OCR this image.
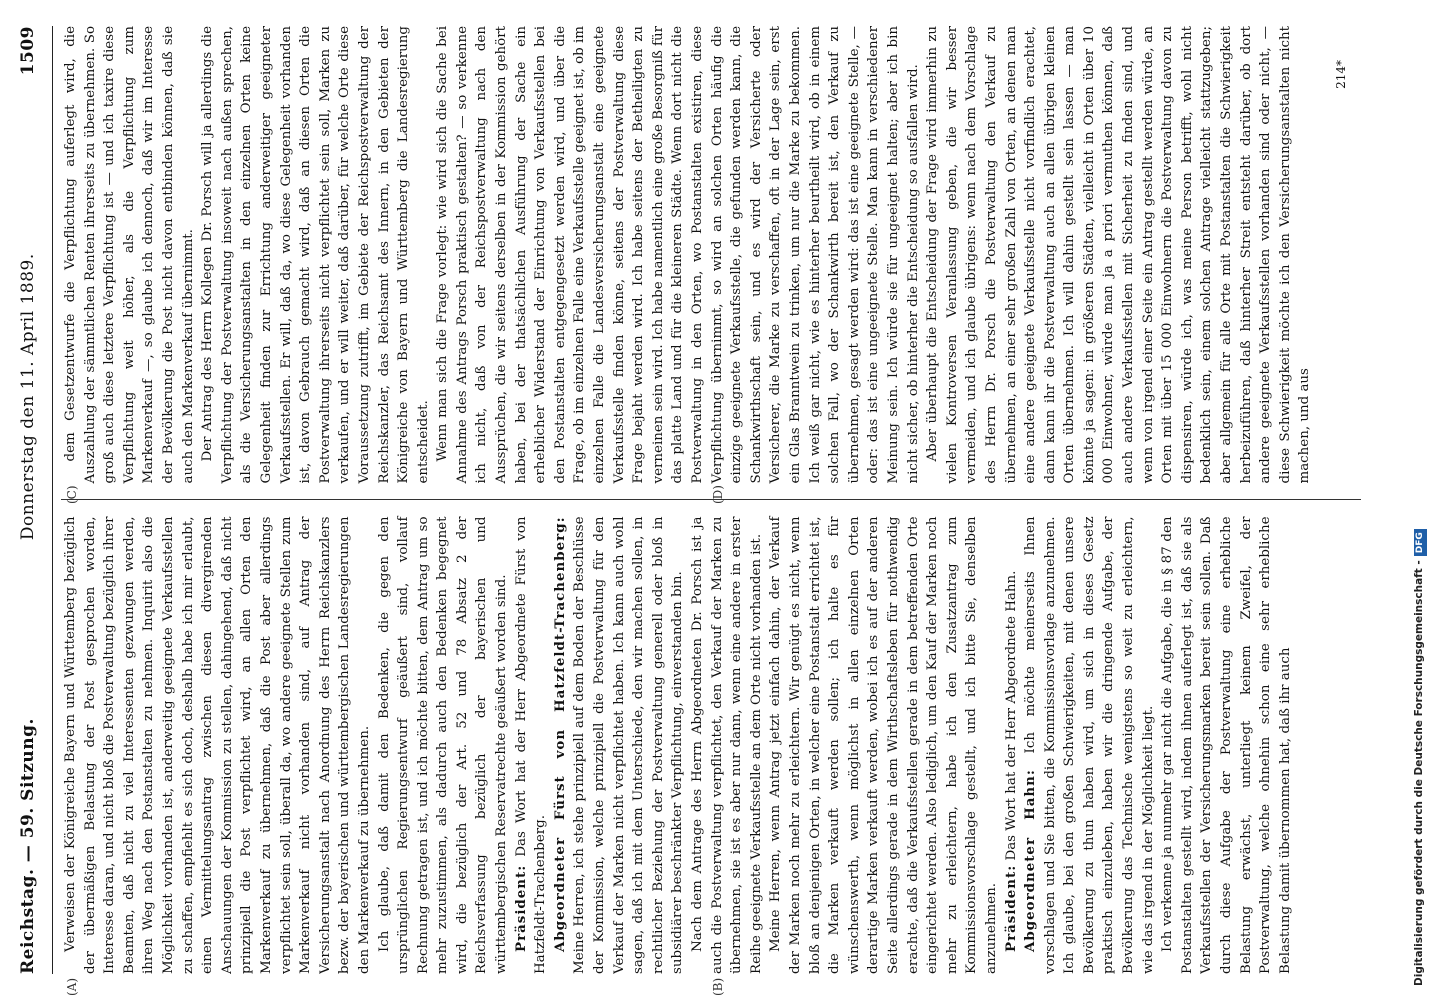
Reichstag. — 59. Sitzung.
Donnerstag den 11. April 1889.
1509
(A)	(B)
(C)	(D)

Verweisen der Königreiche Bayern und Württemberg bezüglich der übermäßigen Belastung der Post gesprochen worden, Interesse daran, und nicht bloß die Postverwaltung bezüglich ihrer Beamten, daß nicht zu viel Interessenten gezwungen werden, ihren Weg nach den Postanstalten zu nehmen. Inquirit also die Möglichkeit vorhanden ist, anderweitig geeignete Verkaufsstellen zu schaffen, empfiehlt es sich doch, deshalb habe ich mir erlaubt, einen Vermittelungsantrag zwischen diesen divergirenden Anschauungen der Kommission zu stellen, dahingehend, daß nicht prinzipiell die Post verpflichtet wird, an allen Orten den Markenverkauf zu übernehmen, daß die Post aber allerdings verpflichtet sein soll, überall da, wo andere geeignete Stellen zum Markenverkauf nicht vorhanden sind, auf Antrag der Versicherungsanstalt nach Anordnung des Herrn Reichskanzlers bezw. der bayerischen und württembergischen Landesregierungen den Markenverkauf zu übernehmen. Ich glaube, daß damit den Bedenken, die gegen den ursprünglichen Regierungsentwurf geäußert sind, vollauf Rechnung getragen ist, und ich möchte bitten, dem Antrag um so mehr zuzustimmen, als dadurch auch den Bedenken begegnet wird, die bezüglich der Art. 52 und 78 Absatz 2 der Reichsverfassung bezüglich der bayerischen und württembergischen Reservatrechte geäußert worden sind. Präsident: Das Wort hat der Herr Abgeordnete Fürst von Hatzfeldt-Trachenberg. Abgeordneter Fürst von Hatzfeldt-Trachenberg: Meine Herren, ich stehe prinzipiell auf dem Boden der Beschlüsse der Kommission, welche prinzipiell die Postverwaltung für den Verkauf der Marken nicht verpflichtet haben. Ich kann auch wohl sagen, daß ich mit dem Unterschiede, den wir machen sollen, in rechtlicher Beziehung der Postverwaltung generell oder bloß in subsidiärer beschränkter Verpflichtung, einverstanden bin. Nach dem Antrage des Herrn Abgeordneten Dr. Porsch ist ja auch die Postverwaltung verpflichtet, den Verkauf der Marken zu übernehmen, sie ist es aber nur dann, wenn eine andere in erster Reihe geeignete Verkaufsstelle an dem Orte nicht vorhanden ist. Meine Herren, wenn Antrag jetzt einfach dahin, der Verkauf der Marken noch mehr zu erleichtern. Wir genügt es nicht, wenn bloß an denjenigen Orten, in welcher eine Postanstalt errichtet ist, die Marken verkauft werden sollen; ich halte es für wünschenswerth, wenn möglichst in allen einzelnen Orten derartige Marken verkauft werden, wobei ich es auf der anderen Seite allerdings gerade in dem Wirthschaftsleben für nothwendig erachte, daß die Verkaufsstellen gerade in dem betreffenden Orte eingerichtet werden. Also lediglich, um den Kauf der Marken noch mehr zu erleichtern, habe ich den Zusatzantrag zum Kommissionsvorschlage gestellt, und ich bitte Sie, denselben anzunehmen. Präsident: Das Wort hat der Herr Abgeordnete Hahn.

Abgeordneter Hahn: Ich möchte meinerseits Ihnen vorschlagen und Sie bitten, die Kommissionsvorlage anzunehmen. Ich glaube, bei den großen Schwierigkeiten, mit denen unsere Bevölkerung zu thun haben wird, um sich in dieses Gesetz praktisch einzuleben, haben wir die dringende Aufgabe, der Bevölkerung das Technische wenigstens so weit zu erleichtern, wie das irgend in der Möglichkeit liegt. Ich verkenne ja nunmehr gar nicht die Aufgabe, die in § 87 den Postanstalten gestellt wird, indem ihnen auferlegt ist, daß sie als Verkaufsstellen der Versicherungsmarken bereit sein sollen. Daß durch diese Aufgabe der Postverwaltung eine erhebliche Belastung erwächst, unterliegt keinem Zweifel, der Postverwaltung, welche ohnehin schon eine sehr erhebliche Belastung damit übernommen hat, daß ihr auch

dem Gesetzentwurfe die Verpflichtung auferlegt wird, die Auszahlung der sämmtlichen Renten ihrerseits zu übernehmen. So groß auch diese letztere Verpflichtung ist — und ich taxire diese Verpflichtung weit höher, als die Verpflichtung zum Markenverkauf —, so glaube ich dennoch, daß wir im Interesse der Bevölkerung die Post nicht davon entbinden können, daß sie auch den Markenverkauf übernimmt. Der Antrag des Herrn Kollegen Dr. Porsch will ja allerdings die Verpflichtung der Postverwaltung insoweit nach außen sprechen, als die Versicherungsanstalten in den einzelnen Orten keine Gelegenheit finden zur Errichtung anderweitiger geeigneter Verkaufsstellen. Er will, daß da, wo diese Gelegenheit vorhanden ist, davon Gebrauch gemacht wird, daß an diesen Orten die Postverwaltung ihrerseits nicht verpflichtet sein soll, Marken zu verkaufen, und er will weiter, daß darüber, für welche Orte diese Voraussetzung zutrifft, im Gebiete der Reichspostverwaltung der Reichskanzler, das Reichsamt des Innern, in den Gebieten der Königreiche von Bayern und Württemberg die Landesregierung entscheidet. Wenn man sich die Frage vorlegt: wie wird sich die Sache bei Annahme des Antrags Porsch praktisch gestalten? — so verkenne ich nicht, daß von der Reichspostverwaltung nach den Aussprüchen, die wir seitens derselben in der Kommission gehört haben, bei der thatsächlichen Ausführung der Sache ein erheblicher Widerstand der Einrichtung von Verkaufsstellen bei den Postanstalten entgegengesetzt werden wird, und über die Frage, ob im einzelnen Falle eine Verkaufsstelle geeignet ist, ob im einzelnen Falle die Landesversicherungsanstalt eine geeignete Verkaufsstelle finden könne, seitens der Postverwaltung diese Frage bejaht werden wird. Ich habe seitens der Betheiligten zu verneinen sein wird. Ich habe namentlich eine große Besorgniß für das platte Land und für die kleineren Städte. Wenn dort nicht die Postverwaltung in den Orten, wo Postanstalten existiren, diese Verpflichtung übernimmt, so wird an solchen Orten häufig die einzige geeignete Verkaufsstelle, die gefunden werden kann, die Schankwirthschaft sein, und es wird der Versicherte oder Versicherer, die Marke zu verschaffen, oft in der Lage sein, erst ein Glas Branntwein zu trinken, um nur die Marke zu bekommen. Ich weiß gar nicht, wie es hinterher beurtheilt wird, ob in einem solchen Fall, wo der Schankwirth bereit ist, den Verkauf zu übernehmen, gesagt werden wird: das ist eine geeignete Stelle, — oder: das ist eine ungeeignete Stelle. Man kann in verschiedener Meinung sein. Ich würde sie für ungeeignet halten; aber ich bin nicht sicher, ob hinterher die Entscheidung so ausfallen wird. Aber überhaupt die Entscheidung der Frage wird immerhin zu vielen Kontroversen Veranlassung geben, die wir besser vermeiden, und ich glaube übrigens: wenn nach dem Vorschlage des Herrn Dr. Porsch die Postverwaltung den Verkauf zu übernehmen, an einer sehr großen Zahl von Orten, an denen man eine andere geeignete Verkaufsstelle nicht vorfindlich erachtet, dann kann ihr die Postverwaltung auch an allen übrigen kleinen Orten übernehmen. Ich will dahin gestellt sein lassen — man könnte ja sagen: in größeren Städten, vielleicht in Orten über 10 000 Einwohner, würde man ja a priori vermuthen können, daß auch andere Verkaufsstellen mit Sicherheit zu finden sind, und wenn von irgend einer Seite ein Antrag gestellt werden würde, an Orten mit über 15 000 Einwohnern die Postverwaltung davon zu dispensiren, würde ich, was meine Person betrifft, wohl nicht bedenklich sein, einem solchen Antrage vielleicht stattzugeben; aber allgemein für alle Orte mit Postanstalten die Schwierigkeit herbeizuführen, daß hinterher Streit entsteht darüber, ob dort andere geeignete Verkaufsstellen vorhanden sind oder nicht, — diese Schwierigkeit möchte ich den Versicherungsanstalten nicht machen, und aus

214*
Digitalisierung gefördert durch die Deutsche Forschungsgemeinschaft -DFG
